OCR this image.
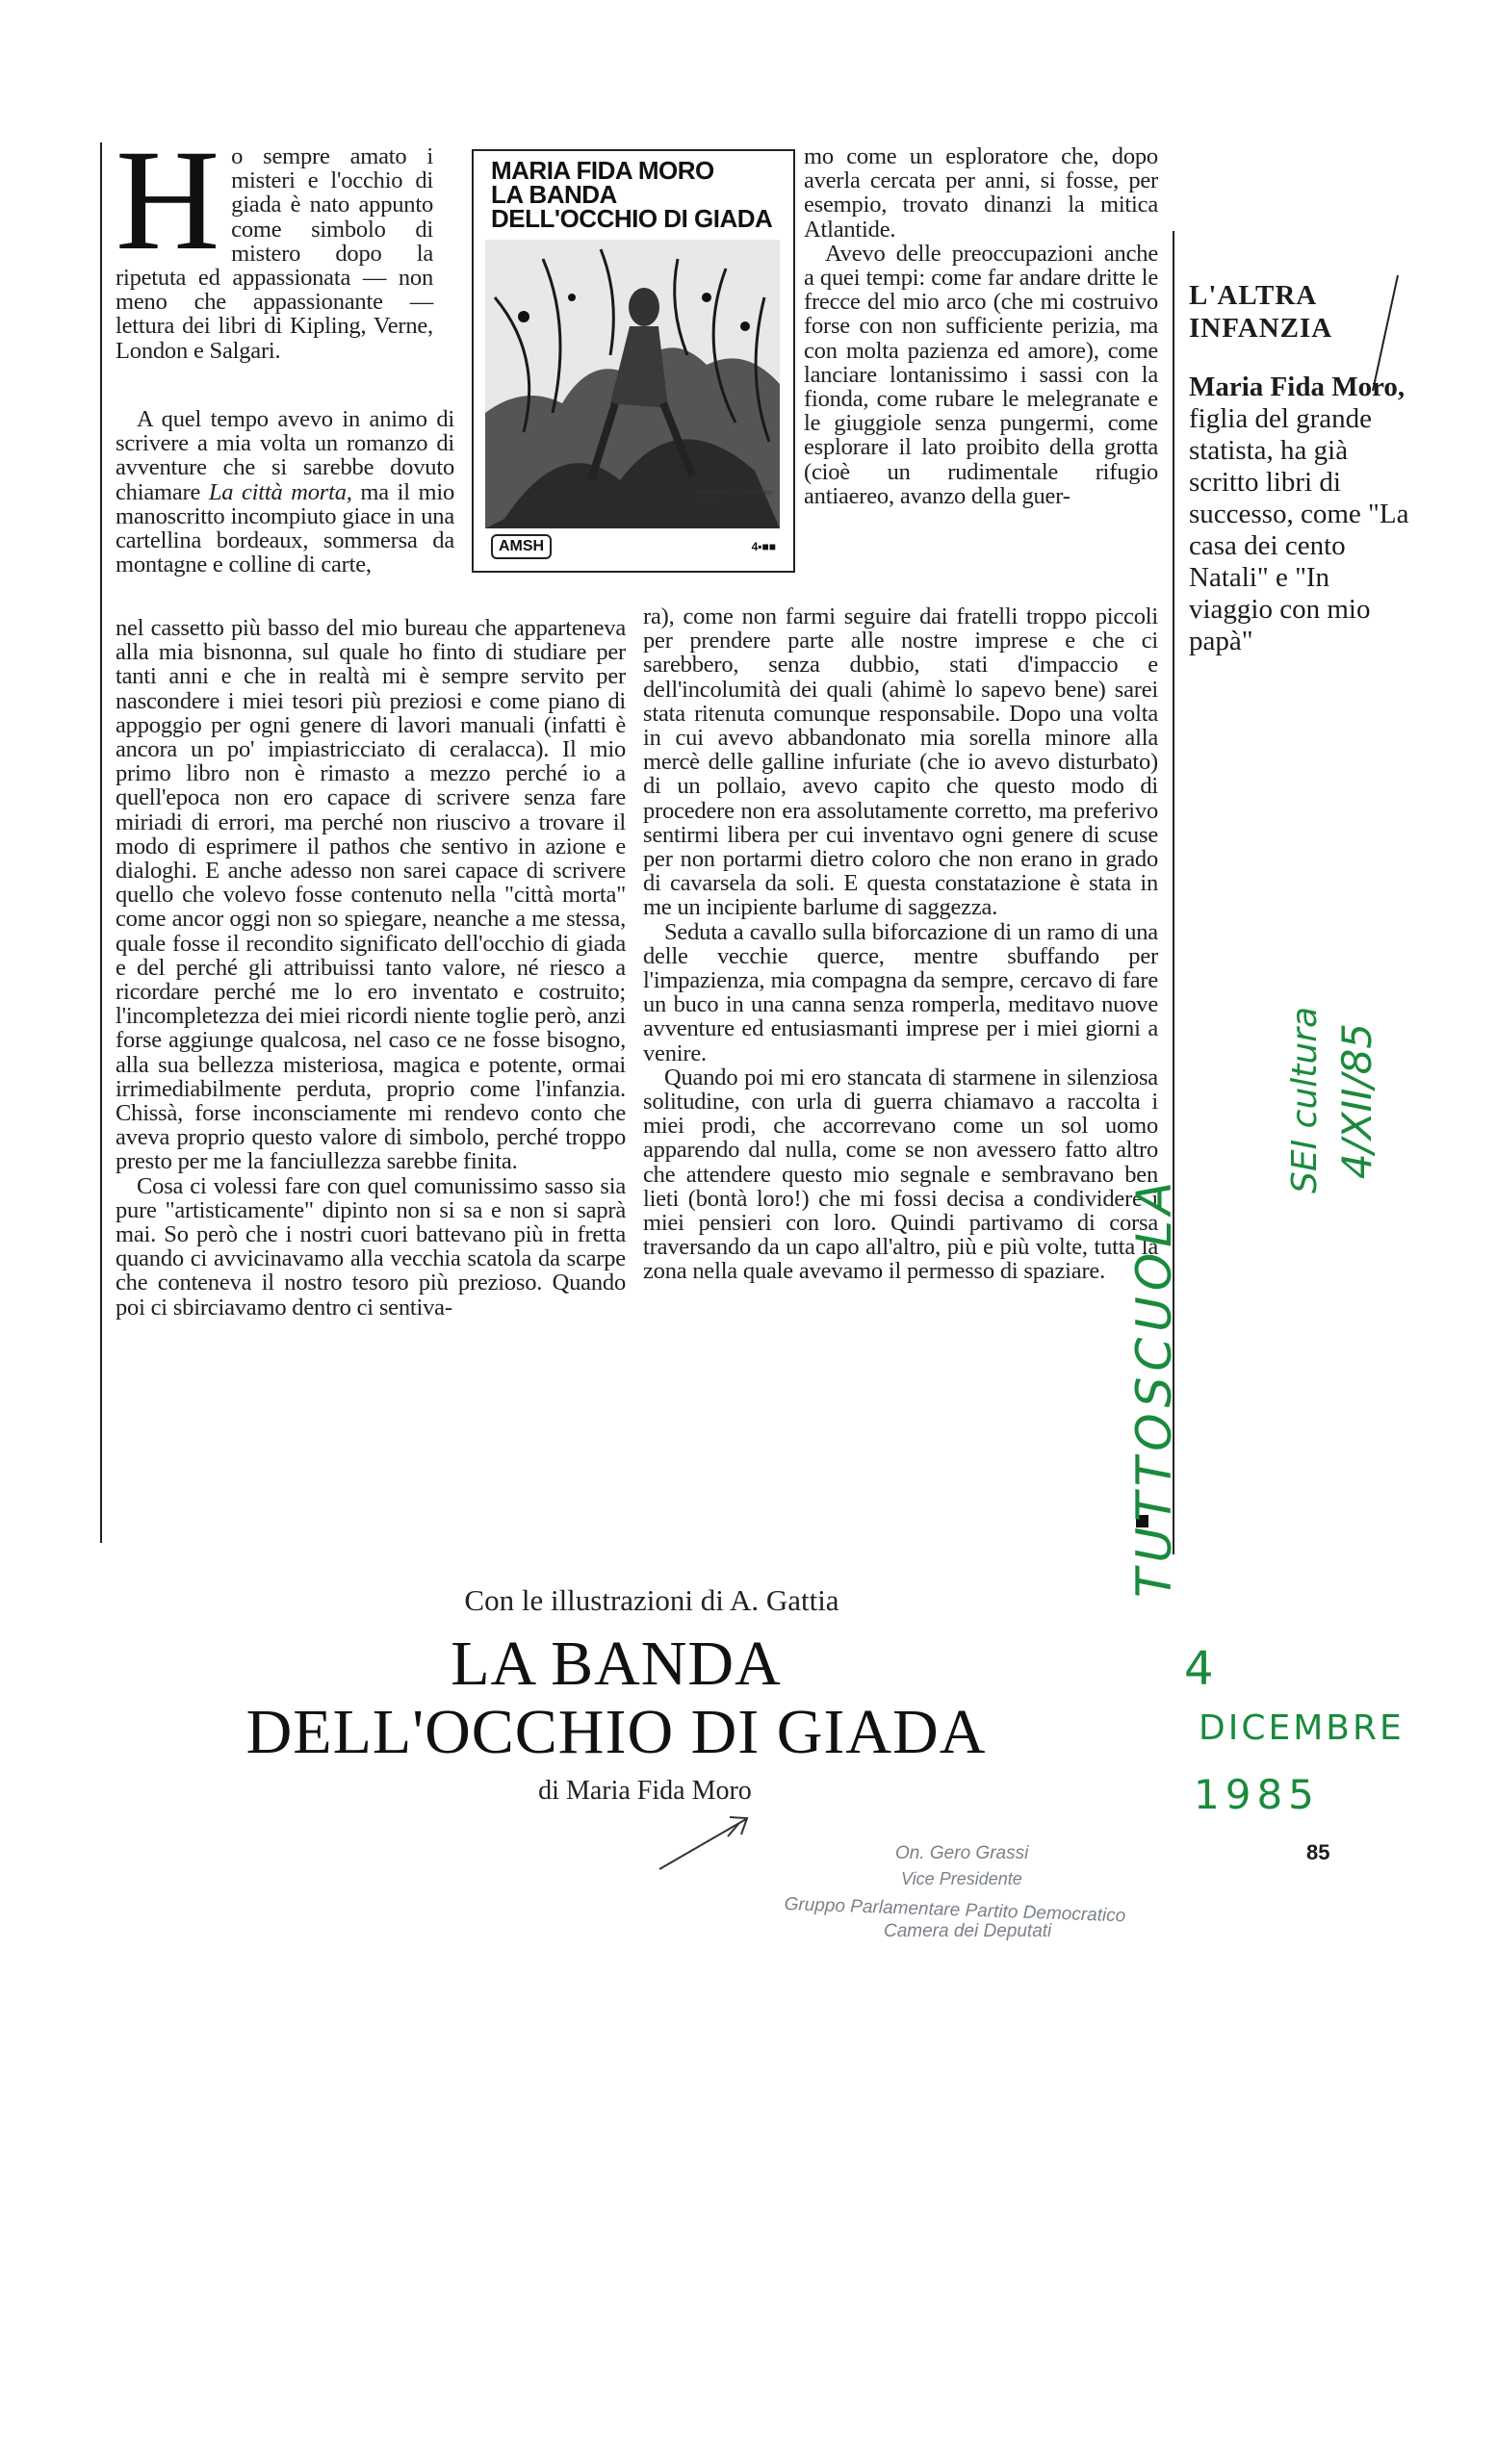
H o sempre amato i misteri e l'occhio di giada è nato appunto come simbolo di mistero dopo la ripetuta ed appassionata — non meno che appassionante — lettura dei libri di Kipling, Verne, London e Salgari.

A quel tempo avevo in animo di scrivere a mia volta un romanzo di avventure che si sarebbe dovuto chiamare La città morta, ma il mio manoscritto incompiuto giace in una cartellina bordeaux, sommersa da montagne e colline di carte,

MARIA FIDA MORO
LA BANDA
DELL'OCCHIO DI GIADA
Illustrazioni di Amedeo GATTIA
AMSH	4▪■■

mo come un esploratore che, dopo averla cercata per anni, si fosse, per esempio, trovato dinanzi la mitica Atlantide.

Avevo delle preoccupazioni anche a quei tempi: come far andare dritte le frecce del mio arco (che mi costruivo forse con non sufficiente perizia, ma con molta pazienza ed amore), come lanciare lontanissimo i sassi con la fionda, come rubare le melegranate e le giuggiole senza pungermi, come esplorare il lato proibito della grotta (cioè un rudimentale rifugio antiaereo, avanzo della guer-

nel cassetto più basso del mio bureau che apparteneva alla mia bisnonna, sul quale ho finto di studiare per tanti anni e che in realtà mi è sempre servito per nascondere i miei tesori più preziosi e come piano di appoggio per ogni genere di lavori manuali (infatti è ancora un po' impiastricciato di ceralacca). Il mio primo libro non è rimasto a mezzo perché io a quell'epoca non ero capace di scrivere senza fare miriadi di errori, ma perché non riuscivo a trovare il modo di esprimere il pathos che sentivo in azione e dialoghi. E anche adesso non sarei capace di scrivere quello che volevo fosse contenuto nella "città morta" come ancor oggi non so spiegare, neanche a me stessa, quale fosse il recondito significato dell'occhio di giada e del perché gli attribuissi tanto valore, né riesco a ricordare perché me lo ero inventato e costruito; l'incompletezza dei miei ricordi niente toglie però, anzi forse aggiunge qualcosa, nel caso ce ne fosse bisogno, alla sua bellezza misteriosa, magica e potente, ormai irrimediabilmente perduta, proprio come l'infanzia. Chissà, forse inconsciamente mi rendevo conto che aveva proprio questo valore di simbolo, perché troppo presto per me la fanciullezza sarebbe finita.

Cosa ci volessi fare con quel comunissimo sasso sia pure "artisticamente" dipinto non si sa e non si saprà mai. So però che i nostri cuori battevano più in fretta quando ci avvicinavamo alla vecchia scatola da scarpe che conteneva il nostro tesoro più prezioso. Quando poi ci sbirciavamo dentro ci sentiva-

ra), come non farmi seguire dai fratelli troppo piccoli per prendere parte alle nostre imprese e che ci sarebbero, senza dubbio, stati d'impaccio e dell'incolumità dei quali (ahimè lo sapevo bene) sarei stata ritenuta comunque responsabile. Dopo una volta in cui avevo abbandonato mia sorella minore alla mercè delle galline infuriate (che io avevo disturbato) di un pollaio, avevo capito che questo modo di procedere non era assolutamente corretto, ma preferivo sentirmi libera per cui inventavo ogni genere di scuse per non portarmi dietro coloro che non erano in grado di cavarsela da soli. E questa constatazione è stata in me un incipiente barlume di saggezza.

Seduta a cavallo sulla biforcazione di un ramo di una delle vecchie querce, mentre sbuffando per l'impazienza, mia compagna da sempre, cercavo di fare un buco in una canna senza romperla, meditavo nuove avventure ed entusiasmanti imprese per i miei giorni a venire.

Quando poi mi ero stancata di starmene in silenziosa solitudine, con urla di guerra chiamavo a raccolta i miei prodi, che accorrevano come un sol uomo apparendo dal nulla, come se non avessero fatto altro che attendere questo mio segnale e sembravano ben lieti (bontà loro!) che mi fossi decisa a condividere i miei pensieri con loro. Quindi partivamo di corsa traversando da un capo all'altro, più e più volte, tutta la zona nella quale avevamo il permesso di spaziare.

L'ALTRA
INFANZIA
Maria Fida Moro, figlia del grande statista, ha già scritto libri di successo, come "La casa dei cento Natali" e "In viaggio con mio papà"
Con le illustrazioni di A. Gattia
LA BANDA
DELL'OCCHIO DI GIADA
di Maria Fida Moro
85
On. Gero Grassi
Vice Presidente
Gruppo Parlamentare Partito Democratico
Camera dei Deputati
TUTTOSCUOLA
SEI cultura 4/XII/85
4
DICEMBRE
1985
